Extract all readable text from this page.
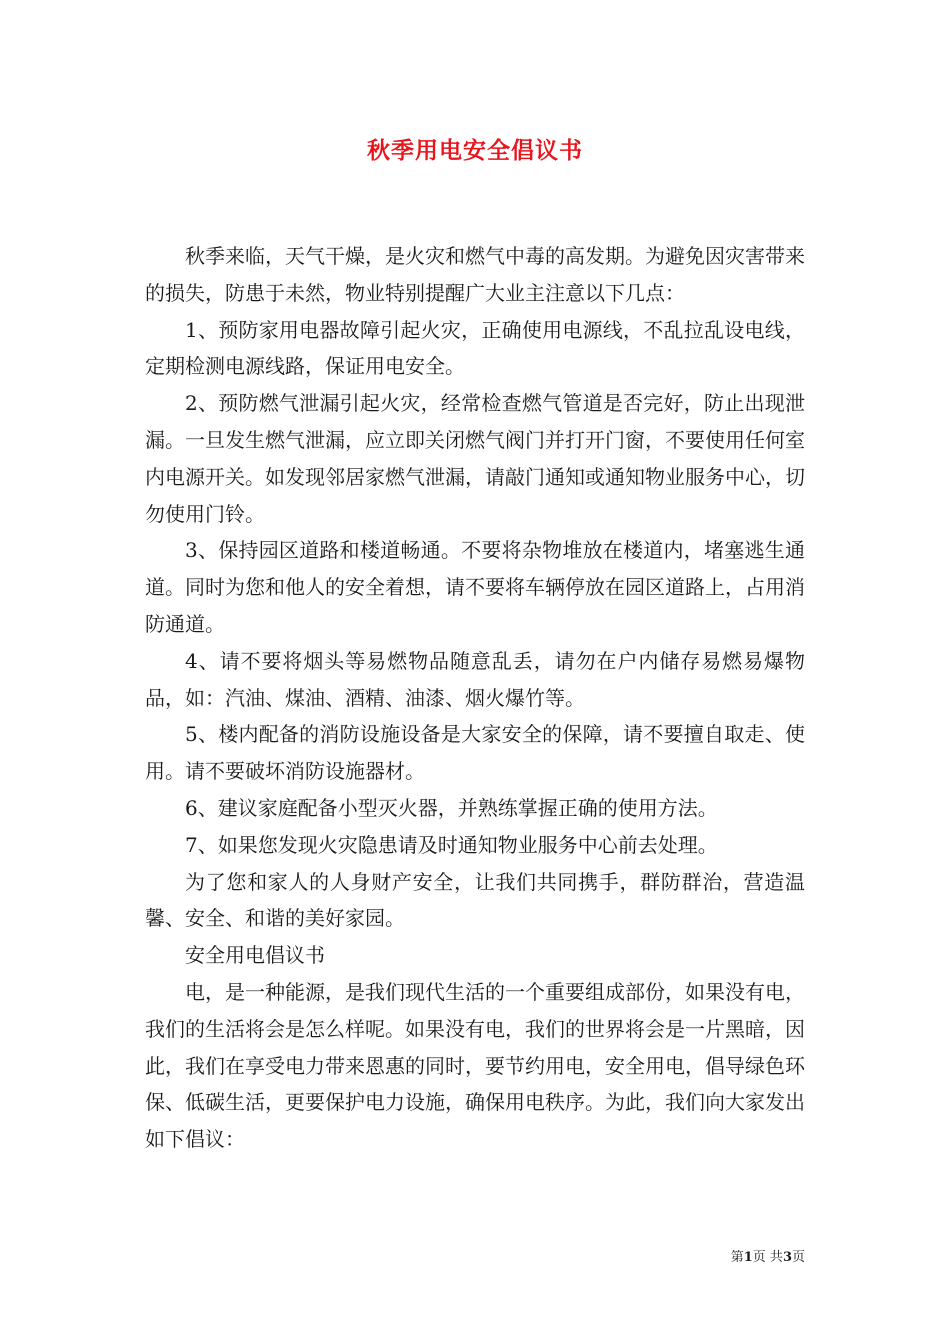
秋季用电安全倡议书

秋季来临，天气干燥，是火灾和燃气中毒的高发期。为避免因灾害带来的损失，防患于未然，物业特别提醒广大业主注意以下几点：

1、预防家用电器故障引起火灾，正确使用电源线，不乱拉乱设电线，定期检测电源线路，保证用电安全。

2、预防燃气泄漏引起火灾，经常检查燃气管道是否完好，防止出现泄漏。一旦发生燃气泄漏，应立即关闭燃气阀门并打开门窗，不要使用任何室内电源开关。如发现邻居家燃气泄漏，请敲门通知或通知物业服务中心，切勿使用门铃。

3、保持园区道路和楼道畅通。不要将杂物堆放在楼道内，堵塞逃生通道。同时为您和他人的安全着想，请不要将车辆停放在园区道路上，占用消防通道。

4、请不要将烟头等易燃物品随意乱丢，请勿在户内储存易燃易爆物品，如：汽油、煤油、酒精、油漆、烟火爆竹等。

5、楼内配备的消防设施设备是大家安全的保障，请不要擅自取走、使用。请不要破坏消防设施器材。

6、建议家庭配备小型灭火器，并熟练掌握正确的使用方法。

7、如果您发现火灾隐患请及时通知物业服务中心前去处理。

为了您和家人的人身财产安全，让我们共同携手，群防群治，营造温馨、安全、和谐的美好家园。

安全用电倡议书

电，是一种能源，是我们现代生活的一个重要组成部份，如果没有电，我们的生活将会是怎么样呢。如果没有电，我们的世界将会是一片黑暗，因此，我们在享受电力带来恩惠的同时，要节约用电，安全用电，倡导绿色环保、低碳生活，更要保护电力设施，确保用电秩序。为此，我们向大家发出如下倡议：

第1页 共3页
